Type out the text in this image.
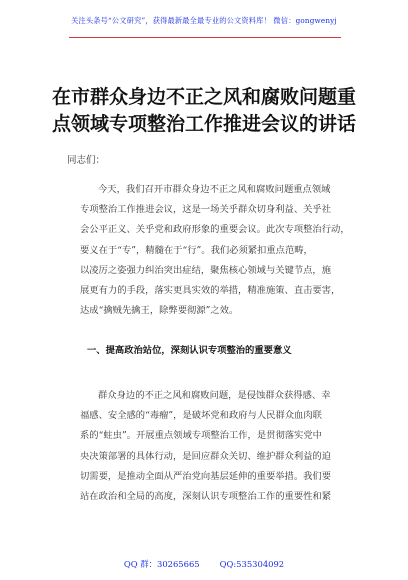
关注头条号“公文研究”，获得最新最全最专业的公文资料库！ 微信：gongwenyj
在市群众身边不正之风和腐败问题重
点领域专项整治工作推进会议的讲话
同志们：
今天，我们召开市群众身边不正之风和腐败问题重点领域
专项整治工作推进会议，这是一场关乎群众切身利益、关乎社
会公平正义、关乎党和政府形象的重要会议。此次专项整治行动，
要义在于“专”，精髓在于“行”。我们必须紧扣重点范畴，
以凌厉之姿强力纠治突出症结，聚焦核心领域与关键节点，施
展更有力的手段，落实更具实效的举措，精准施策、直击要害，
达成“擒贼先擒王，除弊要彻源”之效。
一、提高政治站位，深刻认识专项整治的重要意义
群众身边的不正之风和腐败问题，是侵蚀群众获得感、幸
福感、安全感的“毒瘤”，是破坏党和政府与人民群众血肉联
系的“蛀虫”。开展重点领域专项整治工作，是贯彻落实党中
央决策部署的具体行动，是回应群众关切、维护群众利益的迫
切需要，是推动全面从严治党向基层延伸的重要举措。我们要
站在政治和全局的高度，深刻认识专项整治工作的重要性和紧
QQ 群：30265665 QQ:535304092
